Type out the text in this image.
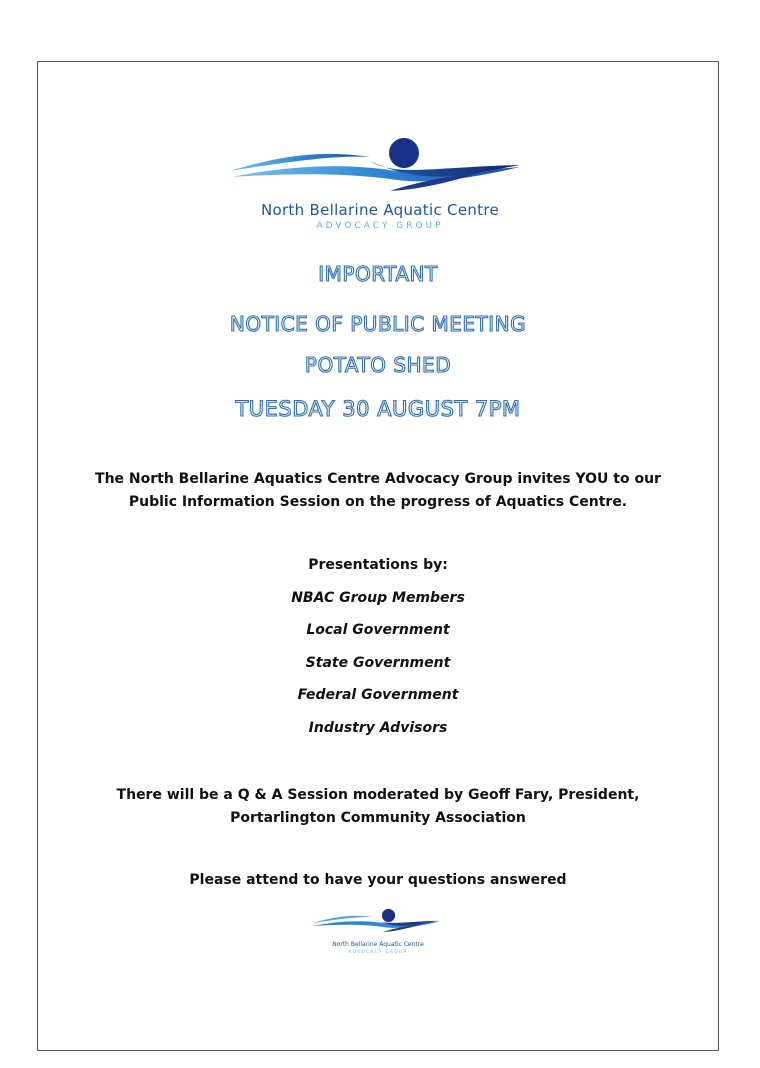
North Bellarine Aquatic Centre
ADVOCACY GROUP
IMPORTANT
NOTICE OF PUBLIC MEETING
POTATO SHED
TUESDAY 30 AUGUST 7PM
The North Bellarine Aquatics Centre Advocacy Group invites YOU to our
Public Information Session on the progress of Aquatics Centre.
Presentations by:
NBAC Group Members
Local Government
State Government
Federal Government
Industry Advisors
There will be a Q & A Session moderated by Geoff Fary, President,
Portarlington Community Association
Please attend to have your questions answered
North Bellarine Aquatic Centre
ADVOCACY GROUP
